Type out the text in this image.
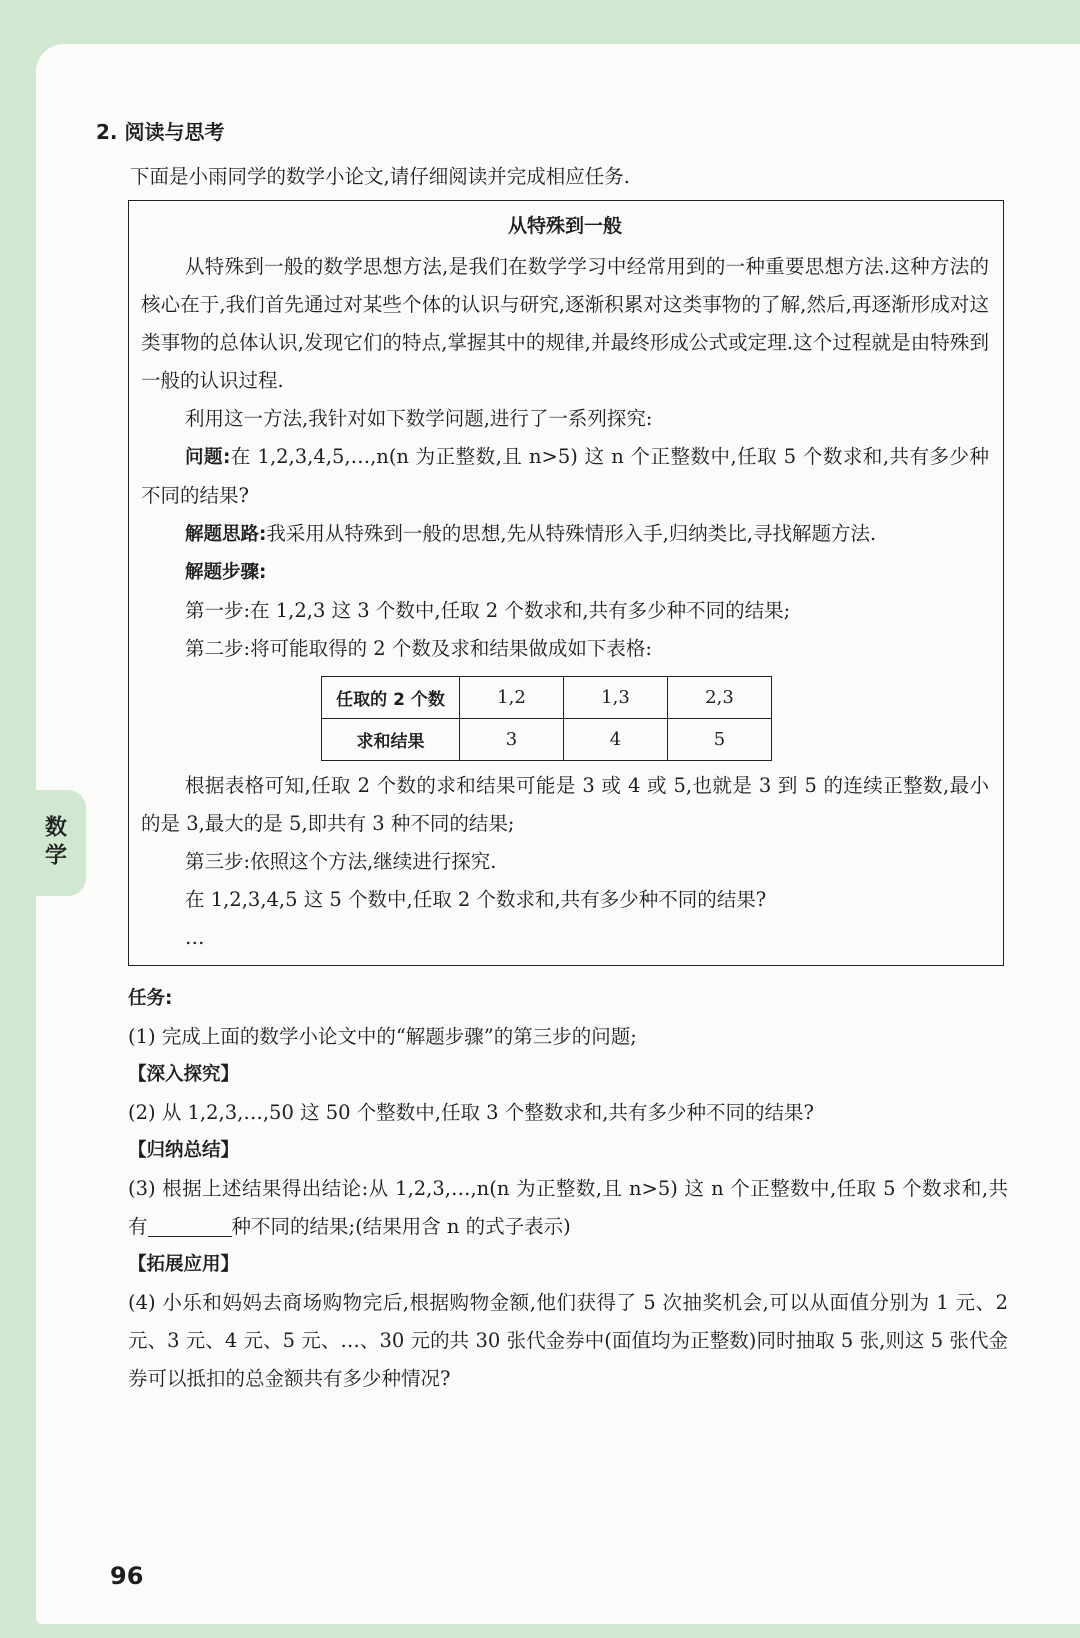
数学
2. 阅读与思考
下面是小雨同学的数学小论文,请仔细阅读并完成相应任务.
从特殊到一般
从特殊到一般的数学思想方法,是我们在数学学习中经常用到的一种重要思想方法.这种方法的核心在于,我们首先通过对某些个体的认识与研究,逐渐积累对这类事物的了解,然后,再逐渐形成对这类事物的总体认识,发现它们的特点,掌握其中的规律,并最终形成公式或定理.这个过程就是由特殊到一般的认识过程.
利用这一方法,我针对如下数学问题,进行了一系列探究:
问题:在 1,2,3,4,5,…,n(n 为正整数,且 n>5) 这 n 个正整数中,任取 5 个数求和,共有多少种不同的结果?
解题思路:我采用从特殊到一般的思想,先从特殊情形入手,归纳类比,寻找解题方法.
解题步骤:
第一步:在 1,2,3 这 3 个数中,任取 2 个数求和,共有多少种不同的结果;
第二步:将可能取得的 2 个数及求和结果做成如下表格:
任取的 2 个数	1,2	1,3	2,3
求和结果	3	4	5
根据表格可知,任取 2 个数的求和结果可能是 3 或 4 或 5,也就是 3 到 5 的连续正整数,最小的是 3,最大的是 5,即共有 3 种不同的结果;
第三步:依照这个方法,继续进行探究.
在 1,2,3,4,5 这 5 个数中,任取 2 个数求和,共有多少种不同的结果?
…
任务:
(1) 完成上面的数学小论文中的“解题步骤”的第三步的问题;
【深入探究】
(2) 从 1,2,3,…,50 这 50 个整数中,任取 3 个整数求和,共有多少种不同的结果?
【归纳总结】
(3) 根据上述结果得出结论:从 1,2,3,…,n(n 为正整数,且 n>5) 这 n 个正整数中,任取 5 个数求和,共有	种不同的结果;(结果用含 n 的式子表示)
【拓展应用】
(4) 小乐和妈妈去商场购物完后,根据购物金额,他们获得了 5 次抽奖机会,可以从面值分别为 1 元、2 元、3 元、4 元、5 元、…、30 元的共 30 张代金券中(面值均为正整数)同时抽取 5 张,则这 5 张代金券可以抵扣的总金额共有多少种情况?
96
